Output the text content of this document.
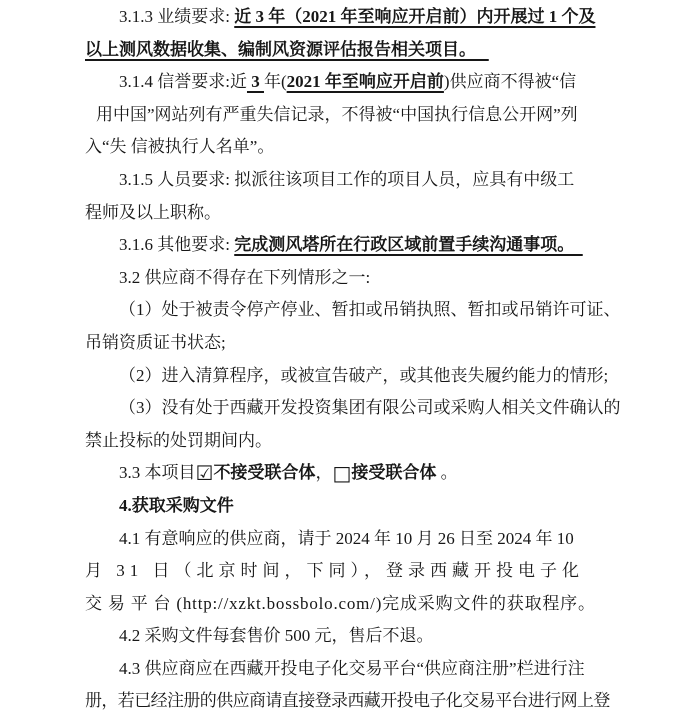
3.1.3 业绩要求: 近 3 年（2021 年至响应开启前）内开展过 1 个及
以上测风数据收集、编制风资源评估报告相关项目。
3.1.4 信誉要求:近 3 年(2021 年至响应开启前)供应商不得被“信
用中国”网站列有严重失信记录，不得被“中国执行信息公开网”列
入“失 信被执行人名单”。
3.1.5 人员要求: 拟派往该项目工作的项目人员，应具有中级工
程师及以上职称。
3.1.6 其他要求: 完成测风塔所在行政区域前置手续沟通事项。
3.2 供应商不得存在下列情形之一:
（1）处于被责令停产停业、暂扣或吊销执照、暂扣或吊销许可证、
吊销资质证书状态;
（2）进入清算程序，或被宣告破产，或其他丧失履约能力的情形;
（3）没有处于西藏开发投资集团有限公司或采购人相关文件确认的
禁止投标的处罚期间内。
3.3 本项目☑不接受联合体，□接受联合体 。
4.获取采购文件
4.1 有意响应的供应商，请于 2024 年 10 月 26 日至 2024 年 10
月 31 日（北京时间，下同），登录西藏开投电子化
交 易 平 台 (http://xzkt.bossbolo.com/)完成采购文件的获取程序。
4.2 采购文件每套售价 500 元，售后不退。
4.3 供应商应在西藏开投电子化交易平台“供应商注册”栏进行注
册，若已经注册的供应商请直接登录西藏开投电子化交易平台进行网上登
